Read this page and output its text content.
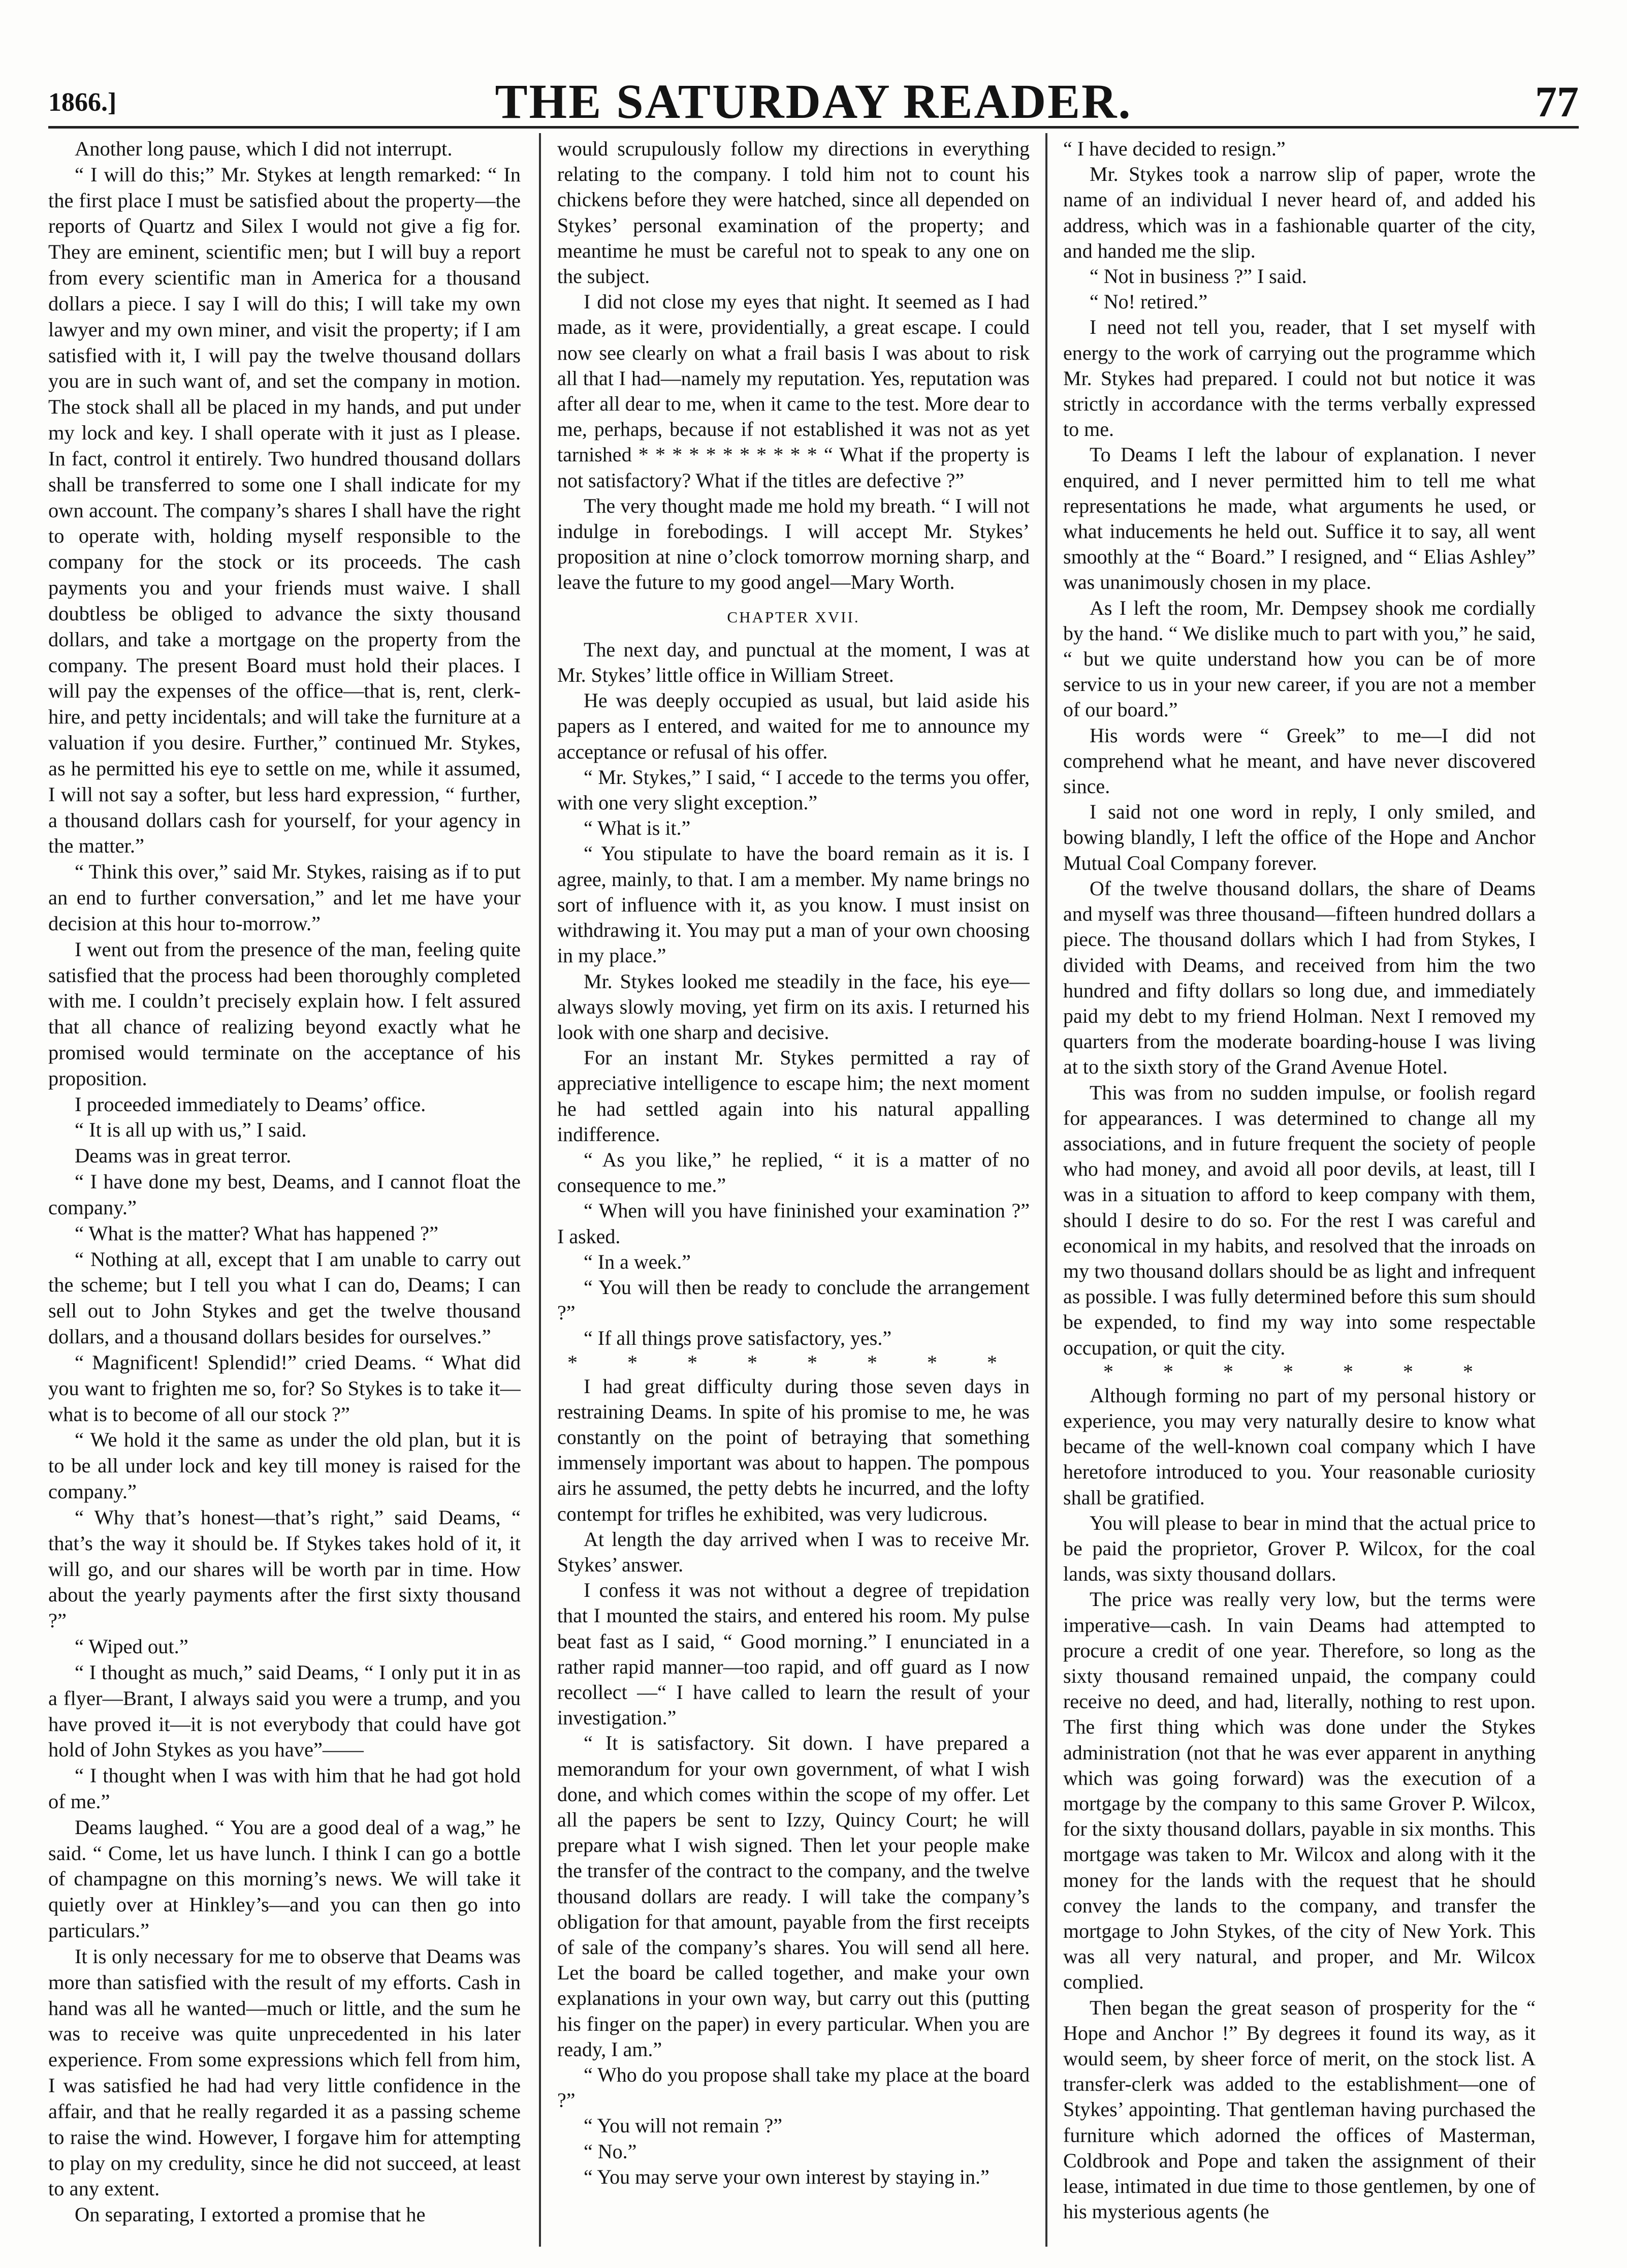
1866.]	THE SATURDAY READER.	77

Another long pause, which I did not interrupt.

“ I will do this;” Mr. Stykes at length remarked: “ In the first place I must be satisfied about the property—the reports of Quartz and Silex I would not give a fig for. They are eminent, scientific men; but I will buy a report from every scientific man in America for a thousand dollars a piece. I say I will do this; I will take my own lawyer and my own miner, and visit the property; if I am satisfied with it, I will pay the twelve thousand dollars you are in such want of, and set the company in motion. The stock shall all be placed in my hands, and put under my lock and key. I shall operate with it just as I please. In fact, control it entirely. Two hundred thousand dollars shall be transferred to some one I shall indicate for my own account. The company’s shares I shall have the right to operate with, holding myself responsible to the company for the stock or its proceeds. The cash payments you and your friends must waive. I shall doubtless be obliged to advance the sixty thousand dollars, and take a mortgage on the property from the company. The present Board must hold their places. I will pay the expenses of the office—that is, rent, clerk-hire, and petty incidentals; and will take the furniture at a valuation if you desire. Further,” continued Mr. Stykes, as he permitted his eye to settle on me, while it assumed, I will not say a softer, but less hard expression, “ further, a thousand dollars cash for yourself, for your agency in the matter.”

“ Think this over,” said Mr. Stykes, raising as if to put an end to further conversation,” and let me have your decision at this hour to-morrow.”

I went out from the presence of the man, feeling quite satisfied that the process had been thoroughly completed with me. I couldn’t precisely explain how. I felt assured that all chance of realizing beyond exactly what he promised would terminate on the acceptance of his proposition.

I proceeded immediately to Deams’ office.

“ It is all up with us,” I said.

Deams was in great terror.

“ I have done my best, Deams, and I cannot float the company.”

“ What is the matter? What has happened ?”

“ Nothing at all, except that I am unable to carry out the scheme; but I tell you what I can do, Deams; I can sell out to John Stykes and get the twelve thousand dollars, and a thousand dollars besides for ourselves.”

“ Magnificent! Splendid!” cried Deams. “ What did you want to frighten me so, for? So Stykes is to take it—what is to become of all our stock ?”

“ We hold it the same as under the old plan, but it is to be all under lock and key till money is raised for the company.”

“ Why that’s honest—that’s right,” said Deams, “ that’s the way it should be. If Stykes takes hold of it, it will go, and our shares will be worth par in time. How about the yearly payments after the first sixty thousand ?”

“ Wiped out.”

“ I thought as much,” said Deams, “ I only put it in as a flyer—Brant, I always said you were a trump, and you have proved it—it is not everybody that could have got hold of John Stykes as you have”——

“ I thought when I was with him that he had got hold of me.”

Deams laughed. “ You are a good deal of a wag,” he said. “ Come, let us have lunch. I think I can go a bottle of champagne on this morning’s news. We will take it quietly over at Hinkley’s—and you can then go into particulars.”

It is only necessary for me to observe that Deams was more than satisfied with the result of my efforts. Cash in hand was all he wanted—much or little, and the sum he was to receive was quite unprecedented in his later experience. From some expressions which fell from him, I was satisfied he had had very little confidence in the affair, and that he really regarded it as a passing scheme to raise the wind. However, I forgave him for attempting to play on my credulity, since he did not succeed, at least to any extent.

On separating, I extorted a promise that he

would scrupulously follow my directions in everything relating to the company. I told him not to count his chickens before they were hatched, since all depended on Stykes’ personal examination of the property; and meantime he must be careful not to speak to any one on the subject.

I did not close my eyes that night. It seemed as I had made, as it were, providentially, a great escape. I could now see clearly on what a frail basis I was about to risk all that I had—namely my reputation. Yes, reputation was after all dear to me, when it came to the test. More dear to me, perhaps, because if not established it was not as yet tarnished * * * * * * * * * * * “ What if the property is not satisfactory? What if the titles are defective ?”

The very thought made me hold my breath. “ I will not indulge in forebodings. I will accept Mr. Stykes’ proposition at nine o’clock tomorrow morning sharp, and leave the future to my good angel—Mary Worth.

CHAPTER XVII.

The next day, and punctual at the moment, I was at Mr. Stykes’ little office in William Street.

He was deeply occupied as usual, but laid aside his papers as I entered, and waited for me to announce my acceptance or refusal of his offer.

“ Mr. Stykes,” I said, “ I accede to the terms you offer, with one very slight exception.”

“ What is it.”

“ You stipulate to have the board remain as it is. I agree, mainly, to that. I am a member. My name brings no sort of influence with it, as you know. I must insist on withdrawing it. You may put a man of your own choosing in my place.”

Mr. Stykes looked me steadily in the face, his eye—always slowly moving, yet firm on its axis. I returned his look with one sharp and decisive.

For an instant Mr. Stykes permitted a ray of appreciative intelligence to escape him; the next moment he had settled again into his natural appalling indifference.

“ As you like,” he replied, “ it is a matter of no consequence to me.”

“ When will you have fininished your examination ?” I asked.

“ In a week.”

“ You will then be ready to conclude the arrangement ?”

“ If all things prove satisfactory, yes.”

* * * * * * * *

I had great difficulty during those seven days in restraining Deams. In spite of his promise to me, he was constantly on the point of betraying that something immensely important was about to happen. The pompous airs he assumed, the petty debts he incurred, and the lofty contempt for trifles he exhibited, was very ludicrous.

At length the day arrived when I was to receive Mr. Stykes’ answer.

I confess it was not without a degree of trepidation that I mounted the stairs, and entered his room. My pulse beat fast as I said, “ Good morning.” I enunciated in a rather rapid manner—too rapid, and off guard as I now recollect —“ I have called to learn the result of your investigation.”

“ It is satisfactory. Sit down. I have prepared a memorandum for your own government, of what I wish done, and which comes within the scope of my offer. Let all the papers be sent to Izzy, Quincy Court; he will prepare what I wish signed. Then let your people make the transfer of the contract to the company, and the twelve thousand dollars are ready. I will take the company’s obligation for that amount, payable from the first receipts of sale of the company’s shares. You will send all here. Let the board be called together, and make your own explanations in your own way, but carry out this (putting his finger on the paper) in every particular. When you are ready, I am.”

“ Who do you propose shall take my place at the board ?”

“ You will not remain ?”

“ No.”

“ You may serve your own interest by staying in.”

“ I have decided to resign.”

Mr. Stykes took a narrow slip of paper, wrote the name of an individual I never heard of, and added his address, which was in a fashionable quarter of the city, and handed me the slip.

“ Not in business ?” I said.

“ No! retired.”

I need not tell you, reader, that I set myself with energy to the work of carrying out the programme which Mr. Stykes had prepared. I could not but notice it was strictly in accordance with the terms verbally expressed to me.

To Deams I left the labour of explanation. I never enquired, and I never permitted him to tell me what representations he made, what arguments he used, or what inducements he held out. Suffice it to say, all went smoothly at the “ Board.” I resigned, and “ Elias Ashley” was unanimously chosen in my place.

As I left the room, Mr. Dempsey shook me cordially by the hand. “ We dislike much to part with you,” he said, “ but we quite understand how you can be of more service to us in your new career, if you are not a member of our board.”

His words were “ Greek” to me—I did not comprehend what he meant, and have never discovered since.

I said not one word in reply, I only smiled, and bowing blandly, I left the office of the Hope and Anchor Mutual Coal Company forever.

Of the twelve thousand dollars, the share of Deams and myself was three thousand—fifteen hundred dollars a piece. The thousand dollars which I had from Stykes, I divided with Deams, and received from him the two hundred and fifty dollars so long due, and immediately paid my debt to my friend Holman. Next I removed my quarters from the moderate boarding-house I was living at to the sixth story of the Grand Avenue Hotel.

This was from no sudden impulse, or foolish regard for appearances. I was determined to change all my associations, and in future frequent the society of people who had money, and avoid all poor devils, at least, till I was in a situation to afford to keep company with them, should I desire to do so. For the rest I was careful and economical in my habits, and resolved that the inroads on my two thousand dollars should be as light and infrequent as possible. I was fully determined before this sum should be expended, to find my way into some respectable occupation, or quit the city.

* * * * * * *

Although forming no part of my personal history or experience, you may very naturally desire to know what became of the well-known coal company which I have heretofore introduced to you. Your reasonable curiosity shall be gratified.

You will please to bear in mind that the actual price to be paid the proprietor, Grover P. Wilcox, for the coal lands, was sixty thousand dollars.

The price was really very low, but the terms were imperative—cash. In vain Deams had attempted to procure a credit of one year. Therefore, so long as the sixty thousand remained unpaid, the company could receive no deed, and had, literally, nothing to rest upon. The first thing which was done under the Stykes administration (not that he was ever apparent in anything which was going forward) was the execution of a mortgage by the company to this same Grover P. Wilcox, for the sixty thousand dollars, payable in six months. This mortgage was taken to Mr. Wilcox and along with it the money for the lands with the request that he should convey the lands to the company, and transfer the mortgage to John Stykes, of the city of New York. This was all very natural, and proper, and Mr. Wilcox complied.

Then began the great season of prosperity for the “ Hope and Anchor !” By degrees it found its way, as it would seem, by sheer force of merit, on the stock list. A transfer-clerk was added to the establishment—one of Stykes’ appointing. That gentleman having purchased the furniture which adorned the offices of Masterman, Coldbrook and Pope and taken the assignment of their lease, intimated in due time to those gentlemen, by one of his mysterious agents (he
